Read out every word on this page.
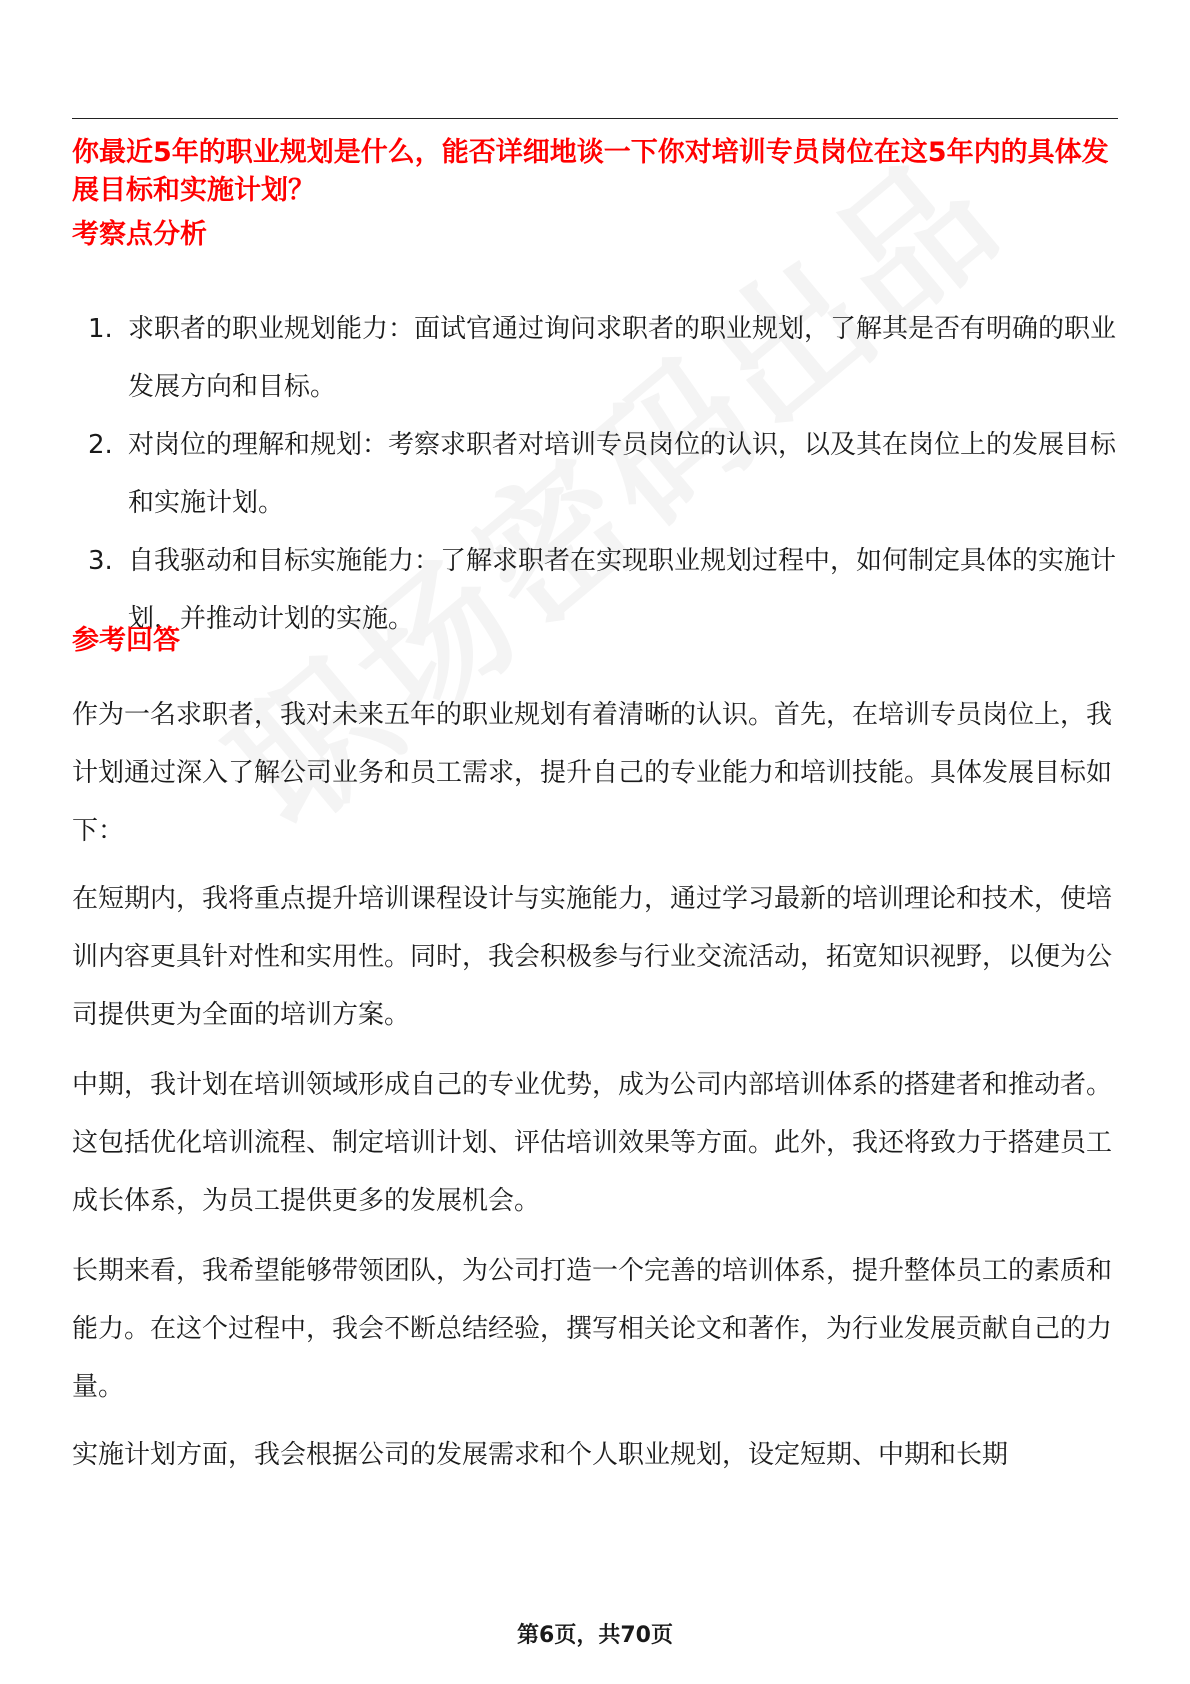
你最近5年的职业规划是什么，能否详细地谈一下你对培训专员岗位在这5年内的具体发展目标和实施计划？

考察点分析

1. 求职者的职业规划能力：面试官通过询问求职者的职业规划，了解其是否有明确的职业发展方向和目标。
2. 对岗位的理解和规划：考察求职者对培训专员岗位的认识，以及其在岗位上的发展目标和实施计划。
3. 自我驱动和目标实施能力：了解求职者在实现职业规划过程中，如何制定具体的实施计划，并推动计划的实施。

参考回答

作为一名求职者，我对未来五年的职业规划有着清晰的认识。首先，在培训专员岗位上，我计划通过深入了解公司业务和员工需求，提升自己的专业能力和培训技能。具体发展目标如下：

在短期内，我将重点提升培训课程设计与实施能力，通过学习最新的培训理论和技术，使培训内容更具针对性和实用性。同时，我会积极参与行业交流活动，拓宽知识视野，以便为公司提供更为全面的培训方案。

中期，我计划在培训领域形成自己的专业优势，成为公司内部培训体系的搭建者和推动者。这包括优化培训流程、制定培训计划、评估培训效果等方面。此外，我还将致力于搭建员工成长体系，为员工提供更多的发展机会。

长期来看，我希望能够带领团队，为公司打造一个完善的培训体系，提升整体员工的素质和能力。在这个过程中，我会不断总结经验，撰写相关论文和著作，为行业发展贡献自己的力量。

实施计划方面，我会根据公司的发展需求和个人职业规划，设定短期、中期和长期

第6页，共70页
